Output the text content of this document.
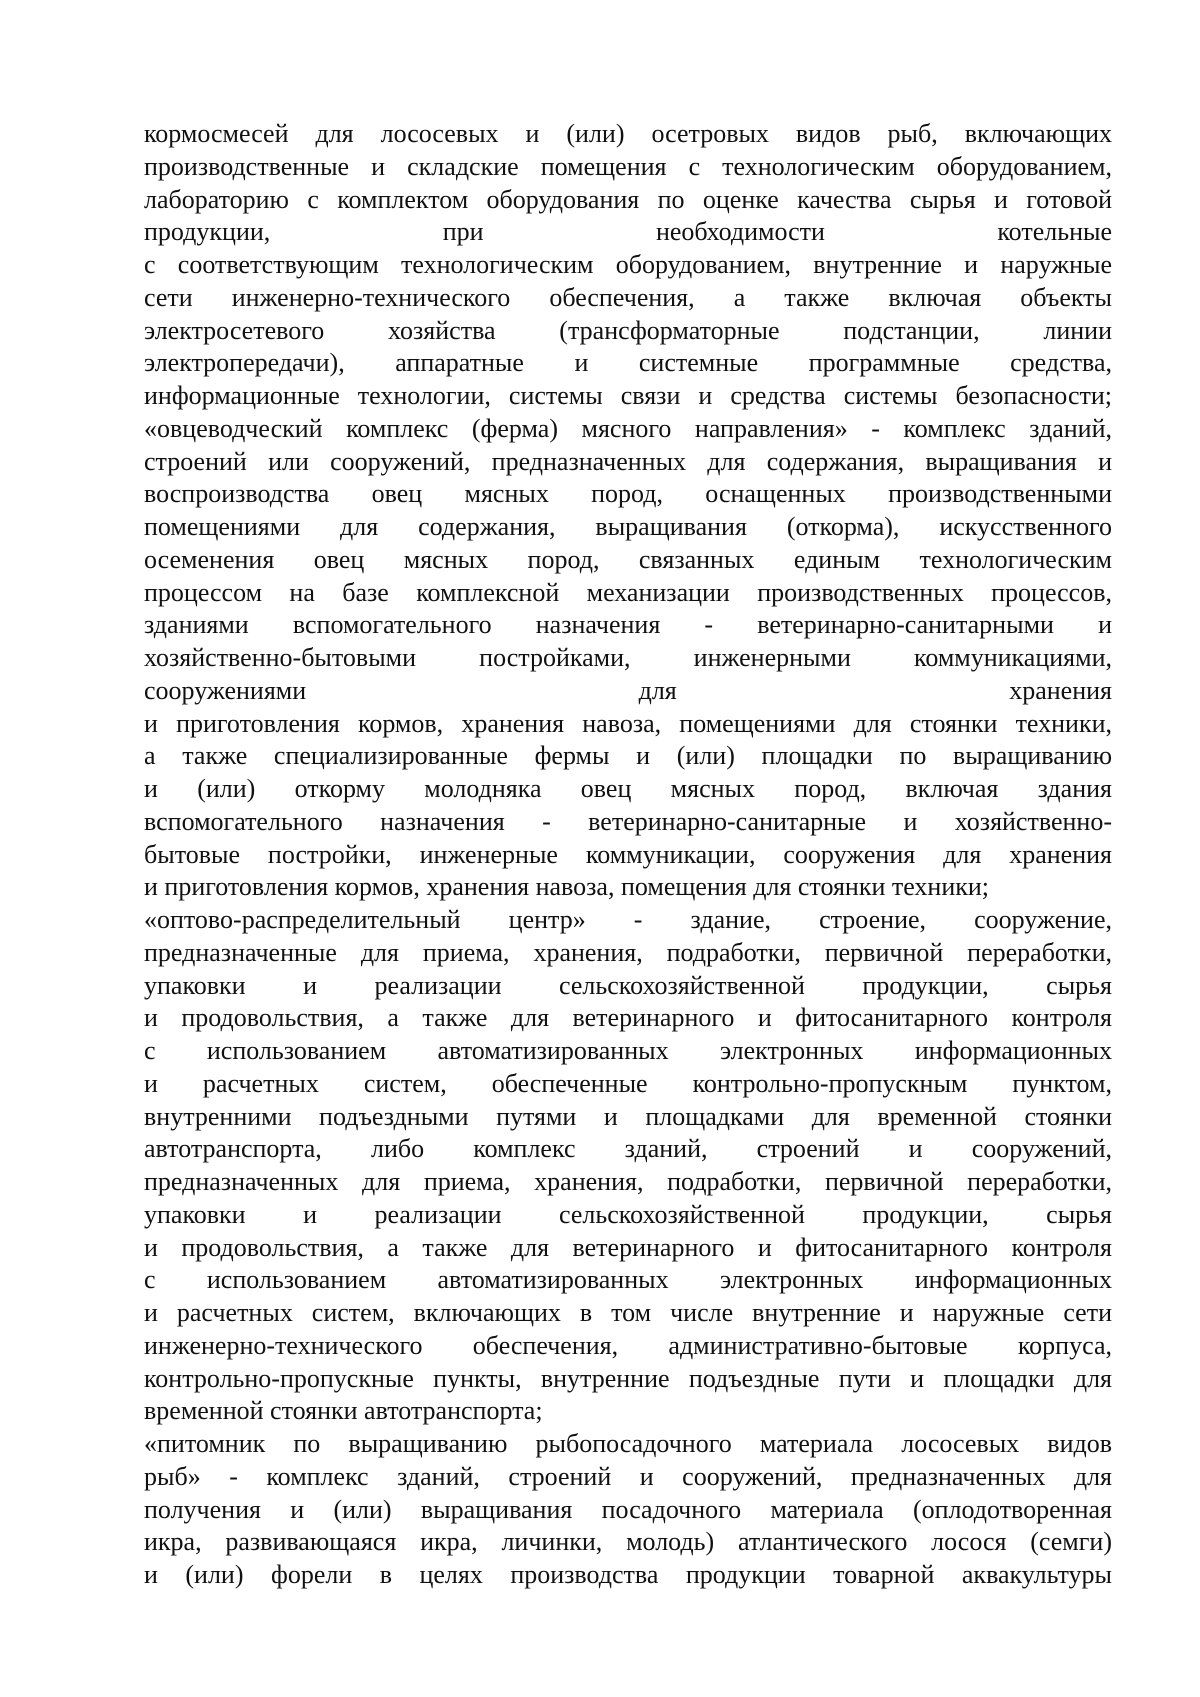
кормосмесей для лососевых и (или) осетровых видов рыб, включающих
производственные и складские помещения с технологическим оборудованием,
лабораторию с комплектом оборудования по оценке качества сырья и готовой
продукции, при необходимости котельные
с соответствующим технологическим оборудованием, внутренние и наружные
сети инженерно-технического обеспечения, а также включая объекты
электросетевого хозяйства (трансформаторные подстанции, линии
электропередачи), аппаратные и системные программные средства,
информационные технологии, системы связи и средства системы безопасности;
«овцеводческий комплекс (ферма) мясного направления» - комплекс зданий,
строений или сооружений, предназначенных для содержания, выращивания и
воспроизводства овец мясных пород, оснащенных производственными
помещениями для содержания, выращивания (откорма), искусственного
осеменения овец мясных пород, связанных единым технологическим
процессом на базе комплексной механизации производственных процессов,
зданиями вспомогательного назначения - ветеринарно-санитарными и
хозяйственно-бытовыми постройками, инженерными коммуникациями,
сооружениями для хранения
и приготовления кормов, хранения навоза, помещениями для стоянки техники,
а также специализированные фермы и (или) площадки по выращиванию
и (или) откорму молодняка овец мясных пород, включая здания
вспомогательного назначения - ветеринарно-санитарные и хозяйственно-
бытовые постройки, инженерные коммуникации, сооружения для хранения
и приготовления кормов, хранения навоза, помещения для стоянки техники;
«оптово-распределительный центр» - здание, строение, сооружение,
предназначенные для приема, хранения, подработки, первичной переработки,
упаковки и реализации сельскохозяйственной продукции, сырья
и продовольствия, а также для ветеринарного и фитосанитарного контроля
с использованием автоматизированных электронных информационных
и расчетных систем, обеспеченные контрольно-пропускным пунктом,
внутренними подъездными путями и площадками для временной стоянки
автотранспорта, либо комплекс зданий, строений и сооружений,
предназначенных для приема, хранения, подработки, первичной переработки,
упаковки и реализации сельскохозяйственной продукции, сырья
и продовольствия, а также для ветеринарного и фитосанитарного контроля
с использованием автоматизированных электронных информационных
и расчетных систем, включающих в том числе внутренние и наружные сети
инженерно-технического обеспечения, административно-бытовые корпуса,
контрольно-пропускные пункты, внутренние подъездные пути и площадки для
временной стоянки автотранспорта;
«питомник по выращиванию рыбопосадочного материала лососевых видов
рыб» - комплекс зданий, строений и сооружений, предназначенных для
получения и (или) выращивания посадочного материала (оплодотворенная
икра, развивающаяся икра, личинки, молодь) атлантического лосося (семги)
и (или) форели в целях производства продукции товарной аквакультуры
